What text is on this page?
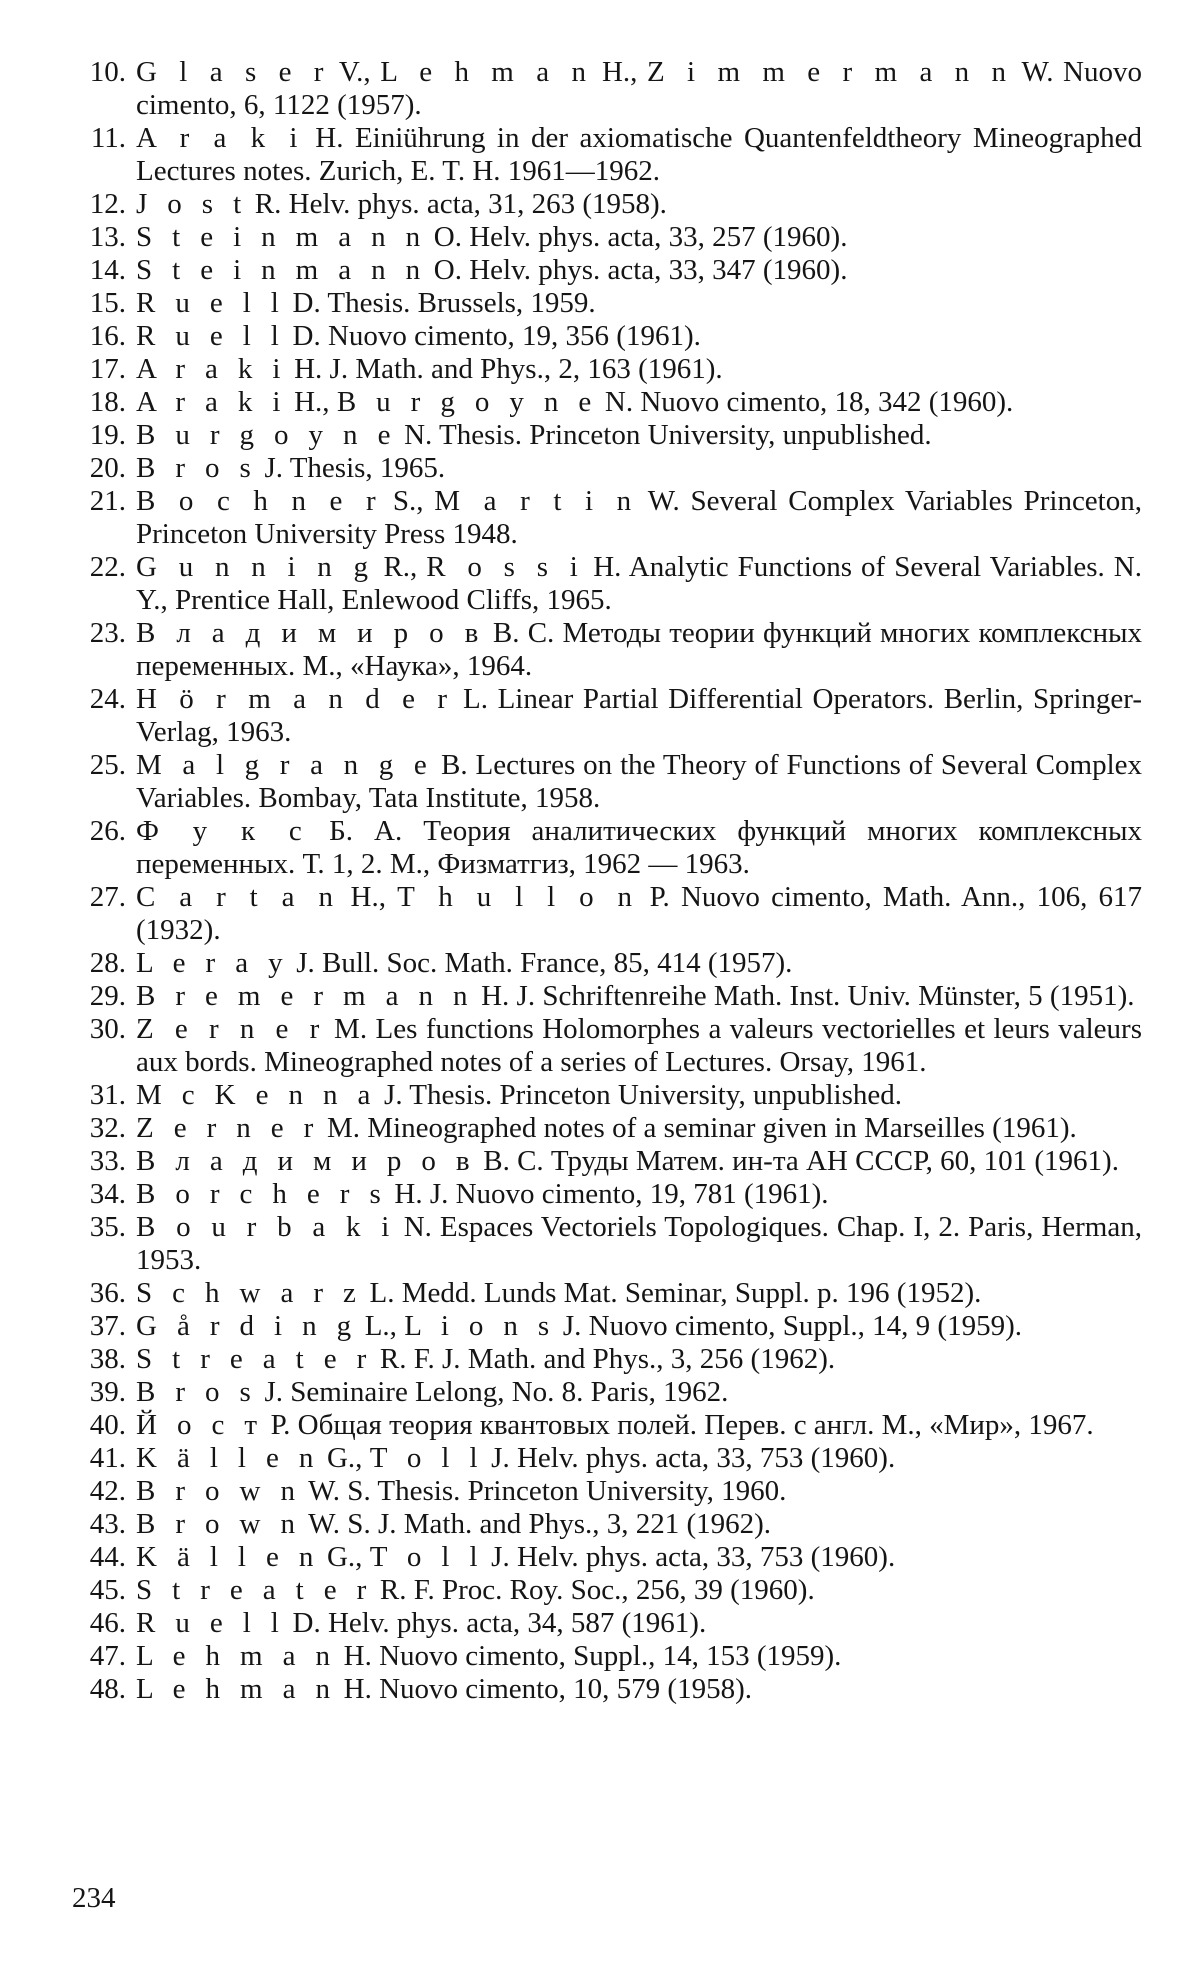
10. G l a s e r V., L e h m a n H., Z i m m e r m a n n W. Nuovo cimento, 6, 1122 (1957).
11. A r a k i H. Einiührung in der axiomatische Quantenfeldtheory Mineographed Lectures notes. Zurich, E. T. H. 1961—1962.
12. J o s t R. Helv. phys. acta, 31, 263 (1958).
13. S t e i n m a n n O. Helv. phys. acta, 33, 257 (1960).
14. S t e i n m a n n O. Helv. phys. acta, 33, 347 (1960).
15. R u e l l D. Thesis. Brussels, 1959.
16. R u e l l D. Nuovo cimento, 19, 356 (1961).
17. A r a k i H. J. Math. and Phys., 2, 163 (1961).
18. A r a k i H., B u r g o y n e N. Nuovo cimento, 18, 342 (1960).
19. B u r g o y n e N. Thesis. Princeton University, unpublished.
20. B r o s J. Thesis, 1965.
21. B o c h n e r S., M a r t i n W. Several Complex Variables Princeton, Princeton University Press 1948.
22. G u n n i n g R., R o s s i H. Analytic Functions of Several Variables. N. Y., Prentice Hall, Enlewood Cliffs, 1965.
23. В л а д и м и р о в В. С. Методы теории функций многих комплексных переменных. М., «Наука», 1964.
24. H ö r m a n d e r L. Linear Partial Differential Operators. Berlin, Springer-Verlag, 1963.
25. M a l g r a n g e B. Lectures on the Theory of Functions of Several Complex Variables. Bombay, Tata Institute, 1958.
26. Ф у к с Б. А. Теория аналитических функций многих комплексных переменных. Т. 1, 2. М., Физматгиз, 1962 — 1963.
27. C a r t a n H., T h u l l o n P. Nuovo cimento, Math. Ann., 106, 617 (1932).
28. L e r a y J. Bull. Soc. Math. France, 85, 414 (1957).
29. B r e m e r m a n n H. J. Schriftenreihe Math. Inst. Univ. Münster, 5 (1951).
30. Z e r n e r M. Les functions Holomorphes a valeurs vectorielles et leurs valeurs aux bords. Mineographed notes of a series of Lectures. Orsay, 1961.
31. M c K e n n a J. Thesis. Princeton University, unpublished.
32. Z e r n e r M. Mineographed notes of a seminar given in Marseilles (1961).
33. В л а д и м и р о в В. С. Труды Матем. ин-та АН СССР, 60, 101 (1961).
34. B o r c h e r s H. J. Nuovo cimento, 19, 781 (1961).
35. B o u r b a k i N. Espaces Vectoriels Topologiques. Chap. I, 2. Paris, Herman, 1953.
36. S c h w a r z L. Medd. Lunds Mat. Seminar, Suppl. p. 196 (1952).
37. G å r d i n g L., L i o n s J. Nuovo cimento, Suppl., 14, 9 (1959).
38. S t r e a t e r R. F. J. Math. and Phys., 3, 256 (1962).
39. B r o s J. Seminaire Lelong, No. 8. Paris, 1962.
40. Й о с т Р. Общая теория квантовых полей. Перев. с англ. М., «Мир», 1967.
41. K ä l l e n G., T o l l J. Helv. phys. acta, 33, 753 (1960).
42. B r o w n W. S. Thesis. Princeton University, 1960.
43. B r o w n W. S. J. Math. and Phys., 3, 221 (1962).
44. K ä l l e n G., T o l l J. Helv. phys. acta, 33, 753 (1960).
45. S t r e a t e r R. F. Proc. Roy. Soc., 256, 39 (1960).
46. R u e l l D. Helv. phys. acta, 34, 587 (1961).
47. L e h m a n H. Nuovo cimento, Suppl., 14, 153 (1959).
48. L e h m a n H. Nuovo cimento, 10, 579 (1958).
234
